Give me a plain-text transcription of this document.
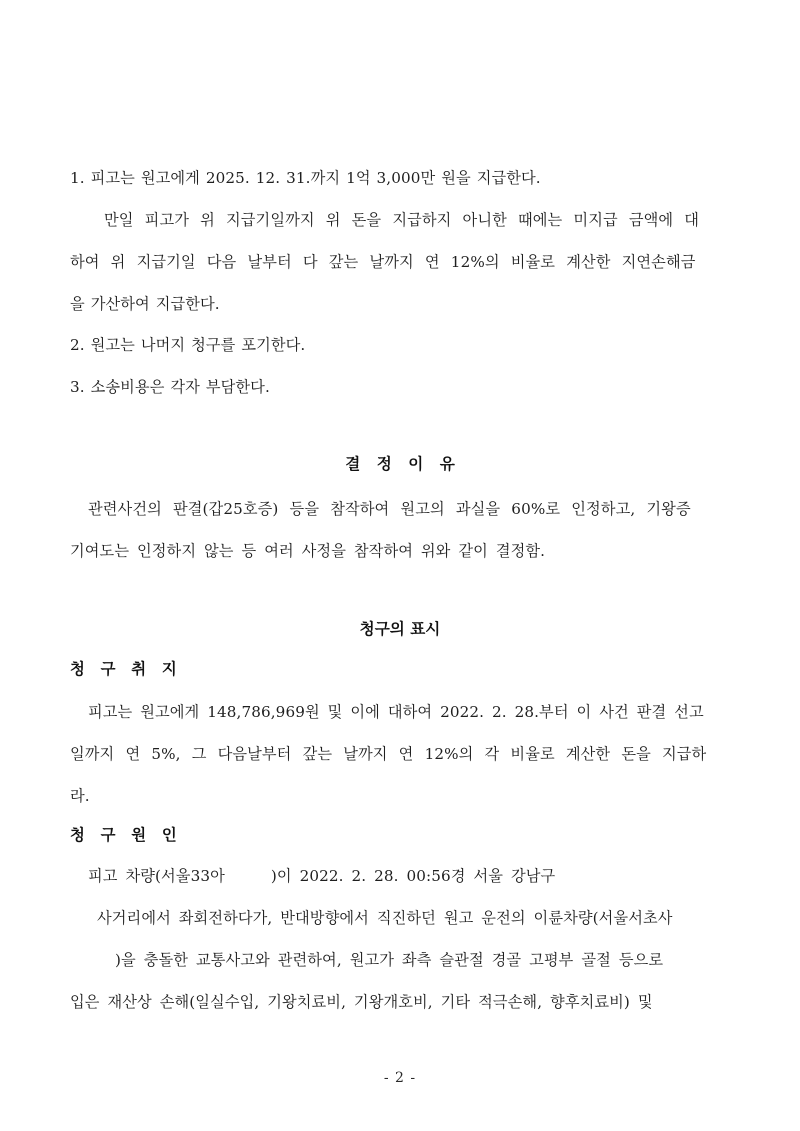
1. 피고는 원고에게 2025. 12. 31.까지 1억 3,000만 원을 지급한다.
만일 피고가 위 지급기일까지 위 돈을 지급하지 아니한 때에는 미지급 금액에 대
하여 위 지급기일 다음 날부터 다 갚는 날까지 연 12%의 비율로 계산한 지연손해금
을 가산하여 지급한다.
2. 원고는 나머지 청구를 포기한다.
3. 소송비용은 각자 부담한다.
결 정 이 유
관련사건의 판결(갑25호증) 등을 참작하여 원고의 과실을 60%로 인정하고, 기왕증
기여도는 인정하지 않는 등 여러 사정을 참작하여 위와 같이 결정함.
청구의 표시
청 구 취 지
피고는 원고에게 148,786,969원 및 이에 대하여 2022. 2. 28.부터 이 사건 판결 선고
일까지 연 5%, 그 다음날부터 갚는 날까지 연 12%의 각 비율로 계산한 돈을 지급하
라.
청 구 원 인
피고 차량(서울33아	)이 2022. 2. 28. 00:56경 서울 강남구
사거리에서 좌회전하다가, 반대방향에서 직진하던 원고 운전의 이륜차량(서울서초사
)을 충돌한 교통사고와 관련하여, 원고가 좌측 슬관절 경골 고평부 골절 등으로
입은 재산상 손해(일실수입, 기왕치료비, 기왕개호비, 기타 적극손해, 향후치료비) 및
- 2 -
